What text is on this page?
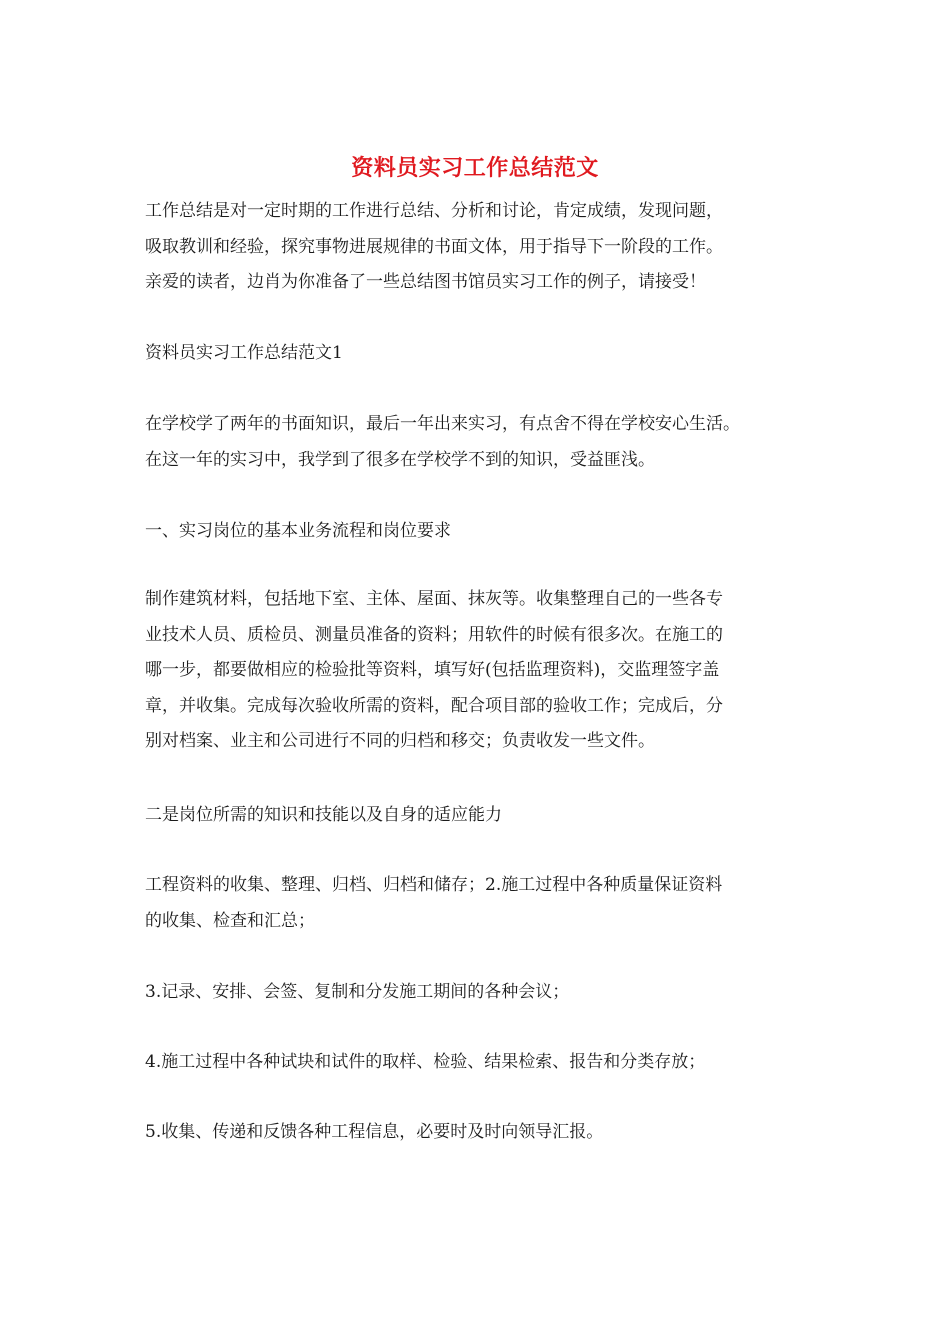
资料员实习工作总结范文
工作总结是对一定时期的工作进行总结、分析和讨论，肯定成绩，发现问题，
吸取教训和经验，探究事物进展规律的书面文体，用于指导下一阶段的工作。
亲爱的读者，边肖为你准备了一些总结图书馆员实习工作的例子，请接受！
资料员实习工作总结范文1
在学校学了两年的书面知识，最后一年出来实习，有点舍不得在学校安心生活。
在这一年的实习中，我学到了很多在学校学不到的知识，受益匪浅。
一、实习岗位的基本业务流程和岗位要求
制作建筑材料，包括地下室、主体、屋面、抹灰等。收集整理自己的一些各专
业技术人员、质检员、测量员准备的资料；用软件的时候有很多次。在施工的
哪一步，都要做相应的检验批等资料，填写好(包括监理资料)，交监理签字盖
章，并收集。完成每次验收所需的资料，配合项目部的验收工作；完成后，分
别对档案、业主和公司进行不同的归档和移交；负责收发一些文件。
二是岗位所需的知识和技能以及自身的适应能力
工程资料的收集、整理、归档、归档和储存；2.施工过程中各种质量保证资料
的收集、检查和汇总；
3.记录、安排、会签、复制和分发施工期间的各种会议；
4.施工过程中各种试块和试件的取样、检验、结果检索、报告和分类存放；
5.收集、传递和反馈各种工程信息，必要时及时向领导汇报。
